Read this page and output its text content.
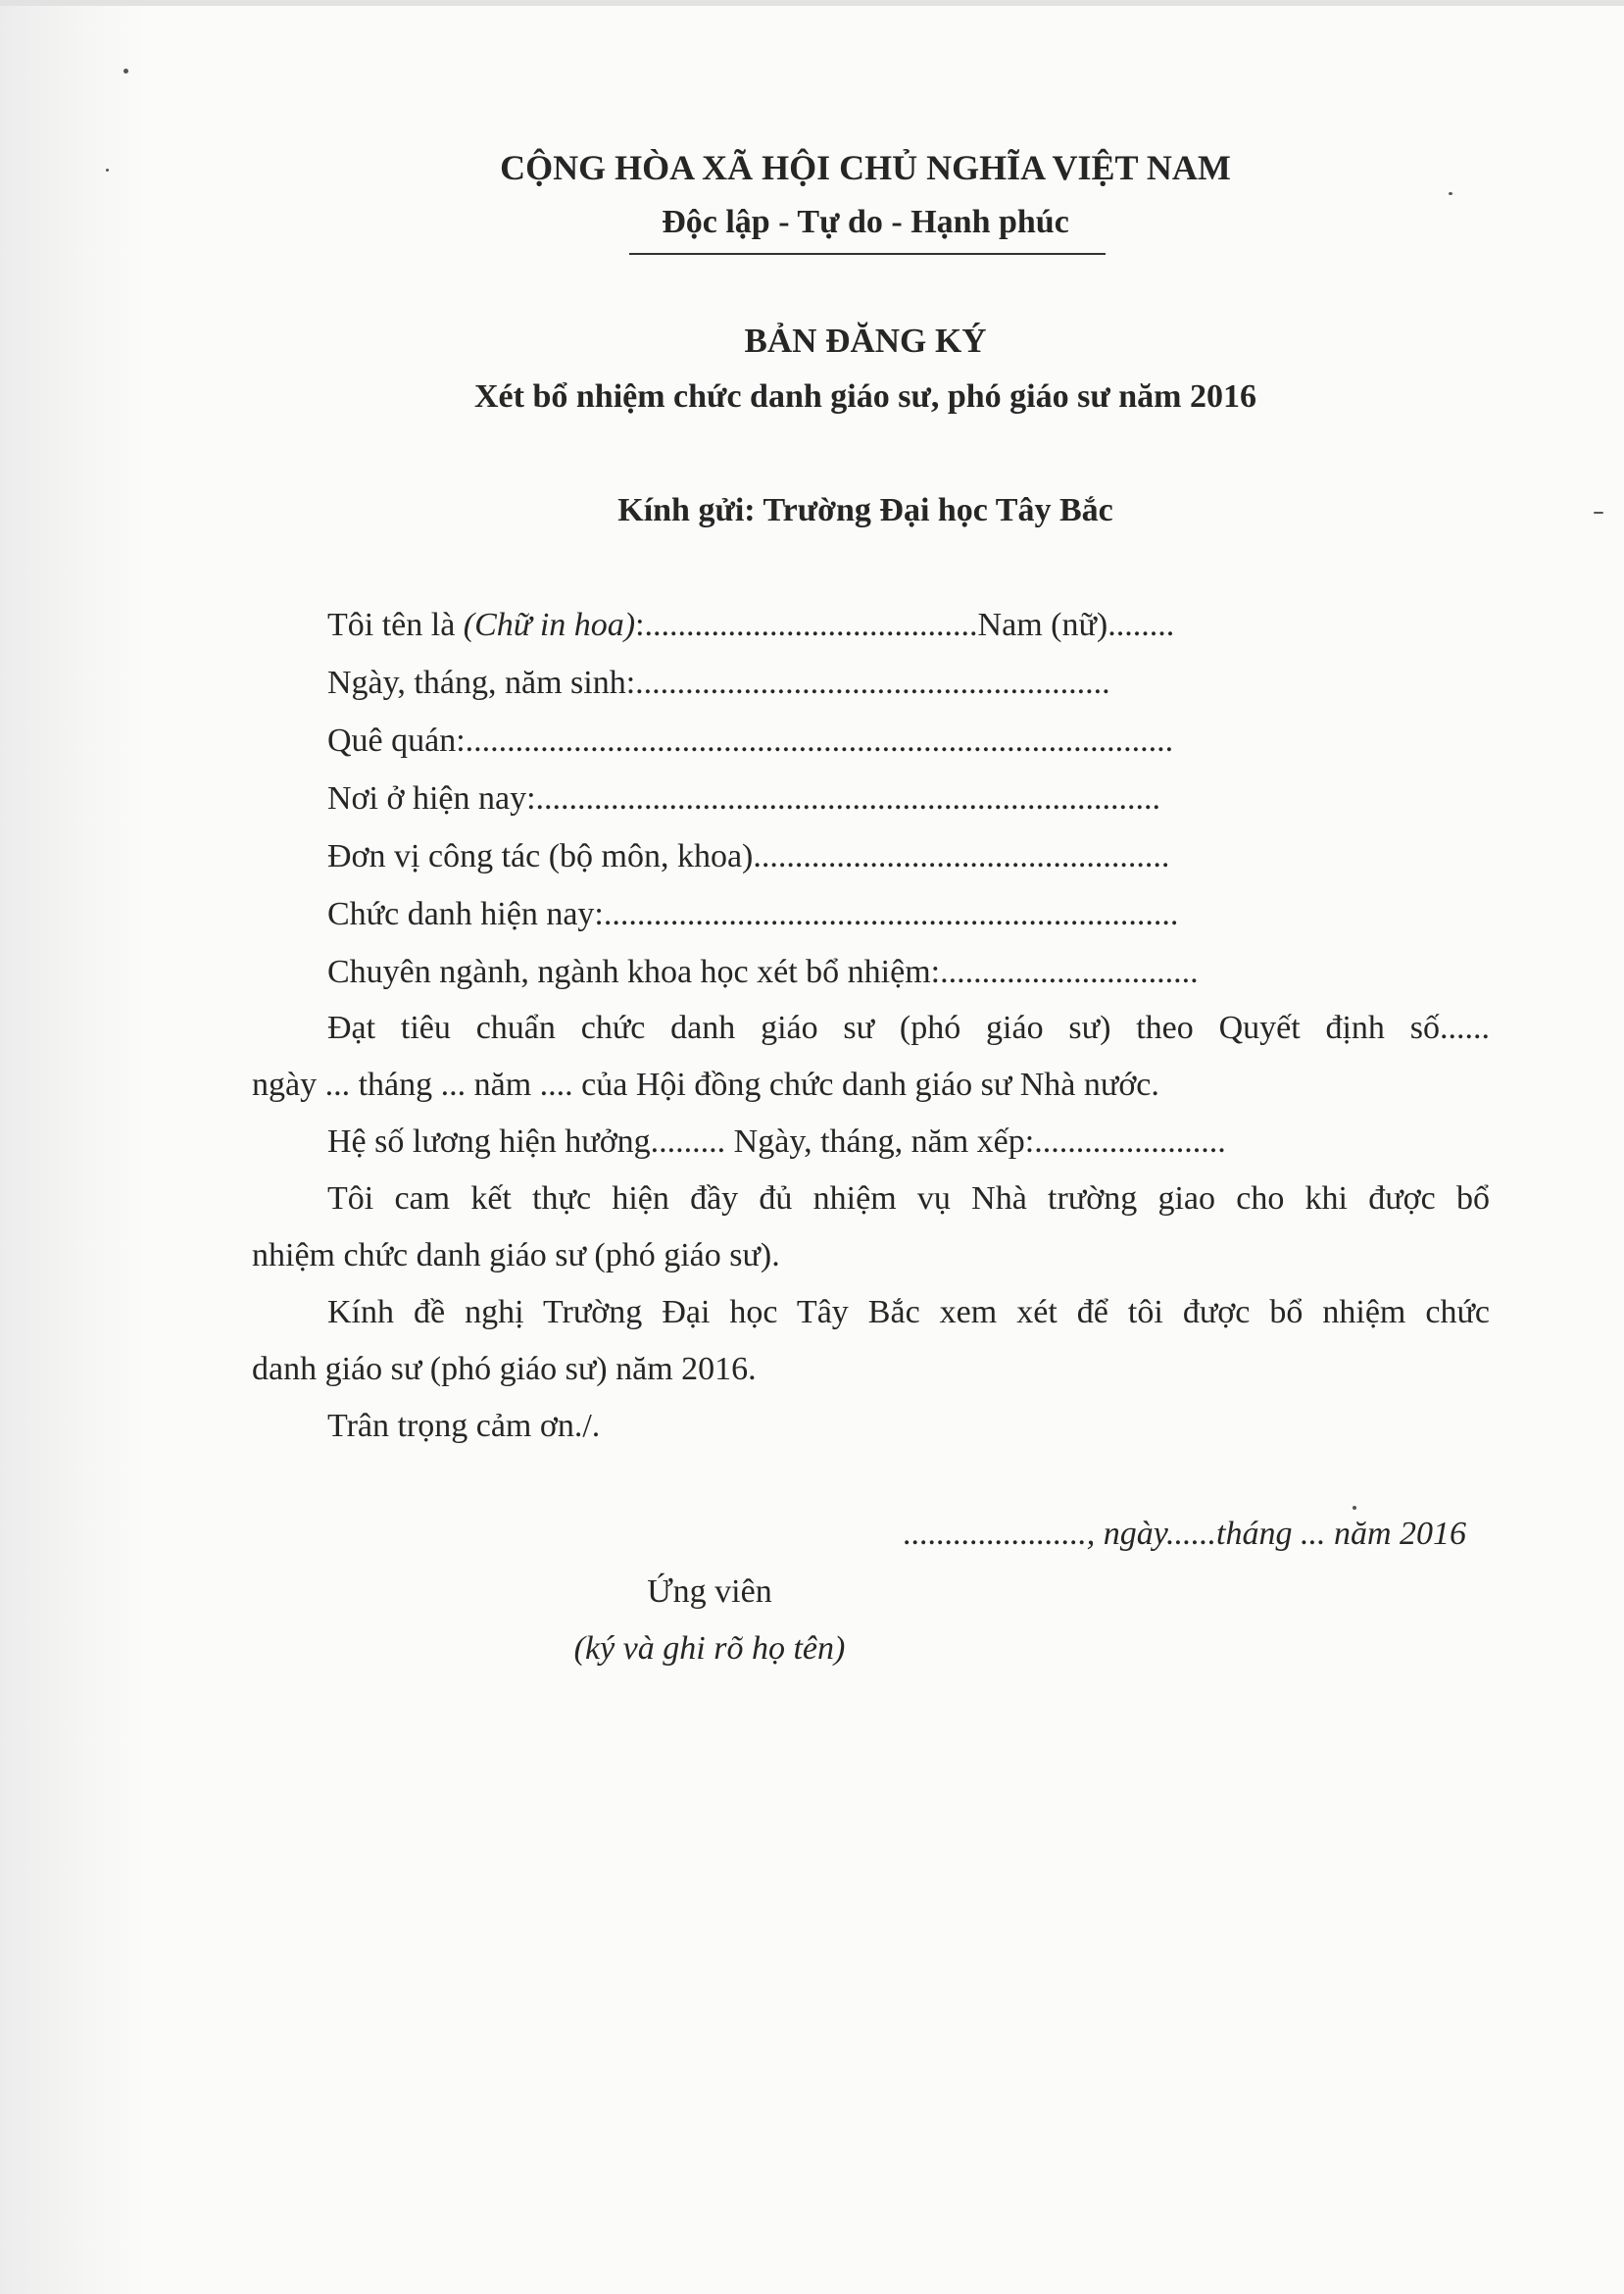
CỘNG HÒA XÃ HỘI CHỦ NGHĨA VIỆT NAM
Độc lập - Tự do - Hạnh phúc
BẢN ĐĂNG KÝ
Xét bổ nhiệm chức danh giáo sư, phó giáo sư năm 2016
Kính gửi: Trường Đại học Tây Bắc
Tôi tên là (Chữ in hoa):........................................Nam (nữ)........
Ngày, tháng, năm sinh:.........................................................
Quê quán:.....................................................................................
Nơi ở hiện nay:...........................................................................
Đơn vị công tác (bộ môn, khoa)..................................................
Chức danh hiện nay:.....................................................................
Chuyên ngành, ngành khoa học xét bổ nhiệm:...............................
Đạt tiêu chuẩn chức danh giáo sư (phó giáo sư) theo Quyết định số......
ngày ... tháng ... năm .... của Hội đồng chức danh giáo sư Nhà nước.
Hệ số lương hiện hưởng......... Ngày, tháng, năm xếp:.......................
Tôi cam kết thực hiện đầy đủ nhiệm vụ Nhà trường giao cho khi được bổ
nhiệm chức danh giáo sư (phó giáo sư).
Kính đề nghị Trường Đại học Tây Bắc xem xét để tôi được bổ nhiệm chức
danh giáo sư (phó giáo sư) năm 2016.
Trân trọng cảm ơn./.
......................, ngày......tháng ... năm 2016
Ứng viên
(ký và ghi rõ họ tên)
